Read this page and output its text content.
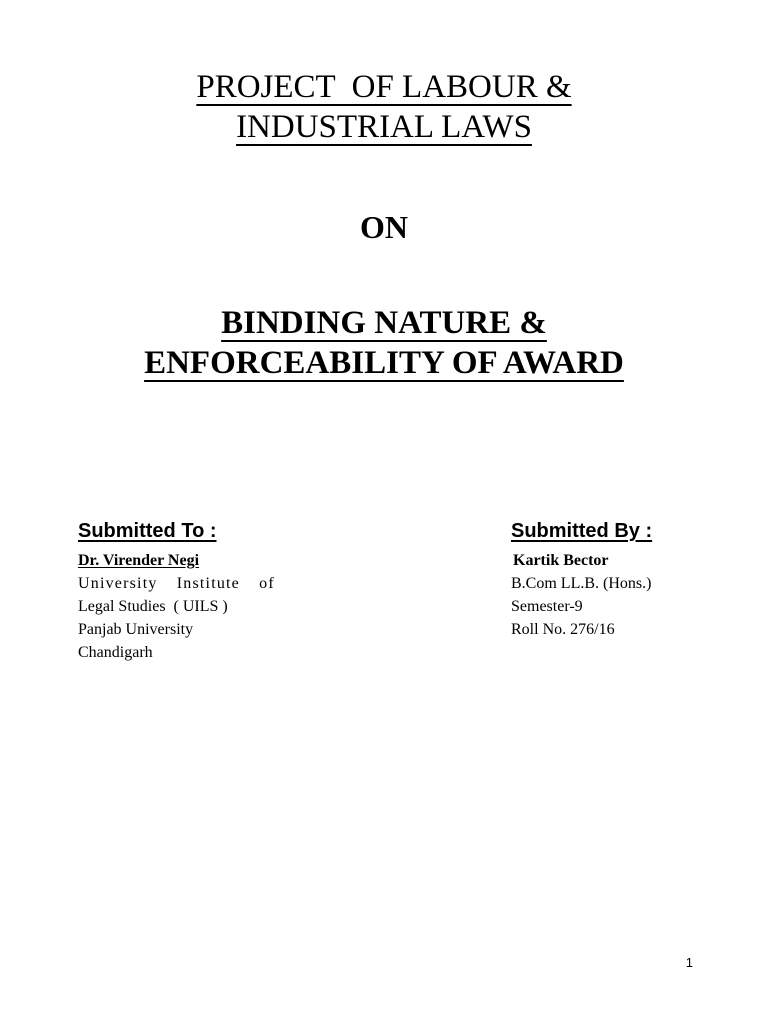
PROJECT  OF LABOUR &
INDUSTRIAL LAWS
ON
BINDING NATURE &
ENFORCEABILITY OF AWARD
Submitted To :
Dr. Virender Negi
University Institute of
Legal Studies  ( UILS )
Panjab University
Chandigarh
Submitted By :
Kartik Bector
B.Com LL.B. (Hons.)
Semester-9
Roll No. 276/16
1
